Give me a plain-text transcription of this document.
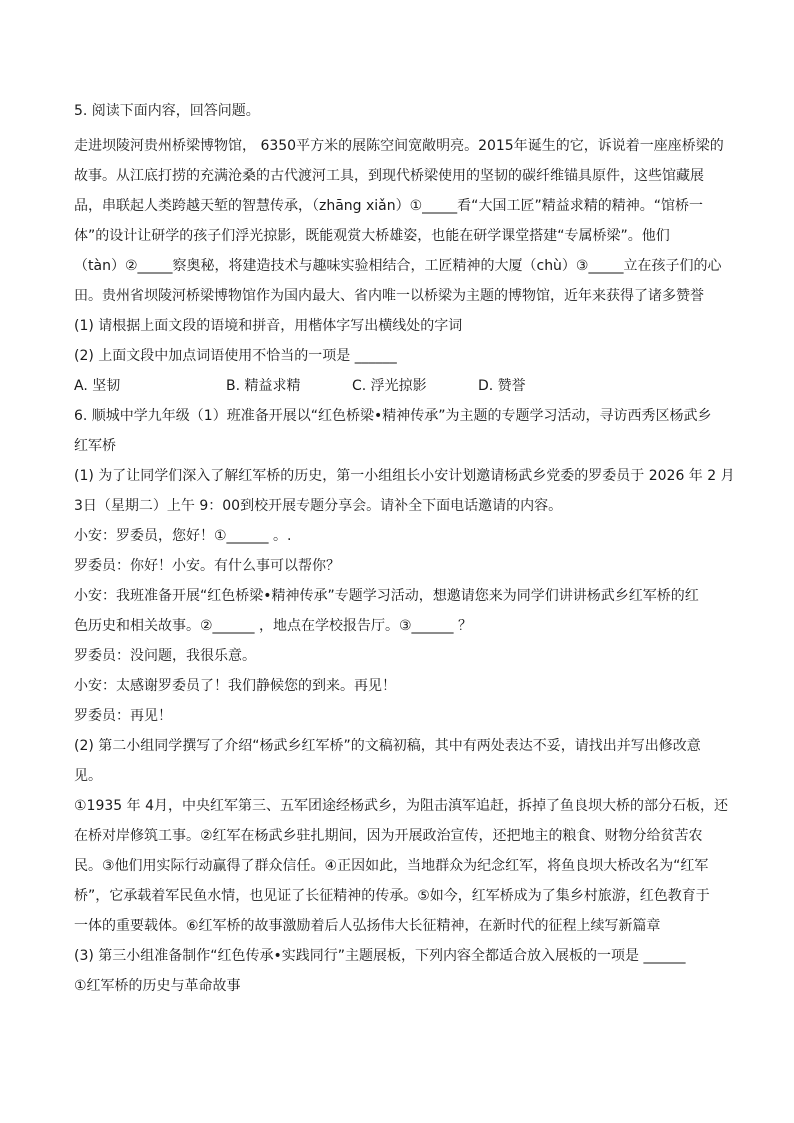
5. 阅读下面内容，回答问题。

走进坝陵河贵州桥梁博物馆， 6350平方米的展陈空间宽敞明亮。2015年诞生的它，诉说着一座座桥梁的

故事。从江底打捞的充满沧桑的古代渡河工具，到现代桥梁使用的坚韧的碳纤维锚具原件，这些馆藏展

品，串联起人类跨越天堑的智慧传承，（zhāng xiǎn）①_____看“大国工匠”精益求精的精神。“馆桥一

体”的设计让研学的孩子们浮光掠影，既能观赏大桥雄姿，也能在研学课堂搭建“专属桥梁”。他们

（tàn）②_____察奥秘，将建造技术与趣味实验相结合，工匠精神的大厦（chù）③_____立在孩子们的心

田。贵州省坝陵河桥梁博物馆作为国内最大、省内唯一以桥梁为主题的博物馆，近年来获得了诸多赞誉

(1) 请根据上面文段的语境和拼音，用楷体字写出横线处的字词

(2) 上面文段中加点词语使用不恰当的一项是 ______

A. 坚韧	B. 精益求精	C. 浮光掠影	D. 赞誉

6. 顺城中学九年级（1）班准备开展以“红色桥梁•精神传承”为主题的专题学习活动，寻访西秀区杨武乡

红军桥

(1) 为了让同学们深入了解红军桥的历史，第一小组组长小安计划邀请杨武乡党委的罗委员于 2026 年 2 月

3日（星期二）上午 9：00到校开展专题分享会。请补全下面电话邀请的内容。

小安：罗委员，您好！①______ 。.

罗委员：你好！小安。有什么事可以帮你？

小安：我班准备开展“红色桥梁•精神传承”专题学习活动，想邀请您来为同学们讲讲杨武乡红军桥的红

色历史和相关故事。②______ ，地点在学校报告厅。③______ ？

罗委员：没问题，我很乐意。

小安：太感谢罗委员了！我们静候您的到来。再见！

罗委员：再见！

(2) 第二小组同学撰写了介绍“杨武乡红军桥”的文稿初稿，其中有两处表达不妥，请找出并写出修改意

见。

①1935 年 4月，中央红军第三、五军团途经杨武乡，为阻击滇军追赶，拆掉了鱼良坝大桥的部分石板，还

在桥对岸修筑工事。②红军在杨武乡驻扎期间，因为开展政治宣传，还把地主的粮食、财物分给贫苦农

民。③他们用实际行动赢得了群众信任。④正因如此，当地群众为纪念红军，将鱼良坝大桥改名为“红军

桥”，它承载着军民鱼水情，也见证了长征精神的传承。⑤如今，红军桥成为了集乡村旅游，红色教育于

一体的重要载体。⑥红军桥的故事激励着后人弘扬伟大长征精神，在新时代的征程上续写新篇章

(3) 第三小组准备制作“红色传承•实践同行”主题展板，下列内容全都适合放入展板的一项是 ______

①红军桥的历史与革命故事
